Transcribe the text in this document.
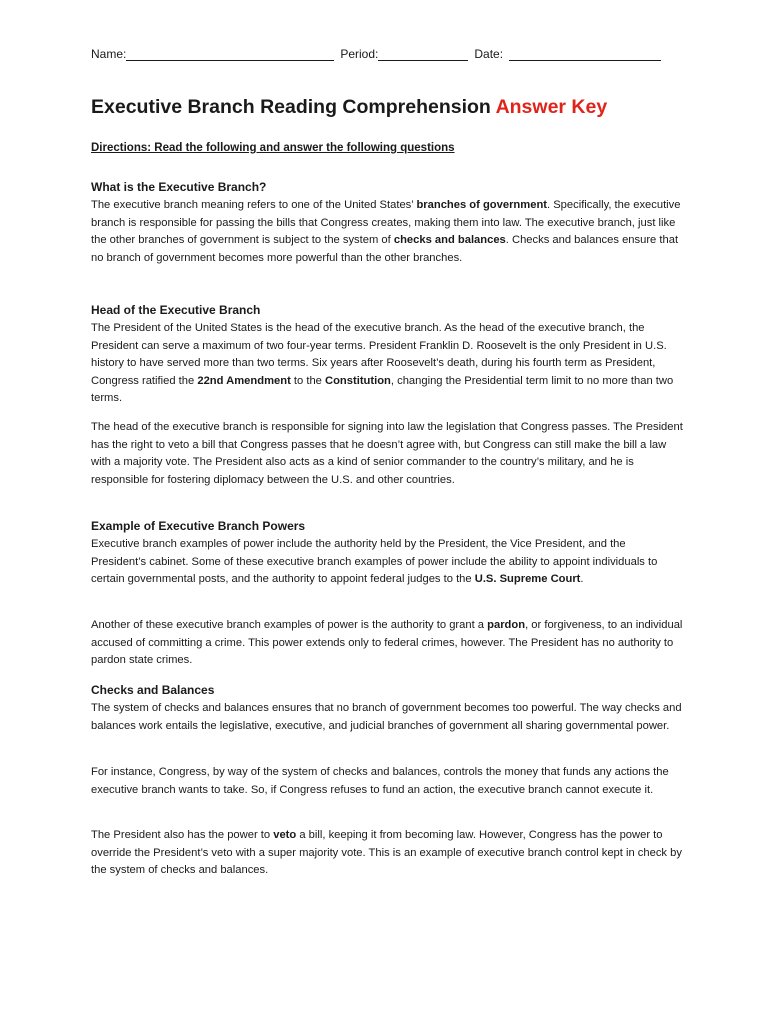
Name:	Period:	Date:
Executive Branch Reading Comprehension Answer Key

Directions: Read the following and answer the following questions

What is the Executive Branch?

The executive branch meaning refers to one of the United States’ branches of government. Specifically, the executive branch is responsible for passing the bills that Congress creates, making them into law. The executive branch, just like the other branches of government is subject to the system of checks and balances. Checks and balances ensure that no branch of government becomes more powerful than the other branches.

Head of the Executive Branch

The President of the United States is the head of the executive branch. As the head of the executive branch, the President can serve a maximum of two four-year terms. President Franklin D. Roosevelt is the only President in U.S. history to have served more than two terms. Six years after Roosevelt’s death, during his fourth term as President, Congress ratified the 22nd Amendment to the Constitution, changing the Presidential term limit to no more than two terms.

The head of the executive branch is responsible for signing into law the legislation that Congress passes. The President has the right to veto a bill that Congress passes that he doesn’t agree with, but Congress can still make the bill a law with a majority vote. The President also acts as a kind of senior commander to the country’s military, and he is responsible for fostering diplomacy between the U.S. and other countries.

Example of Executive Branch Powers

Executive branch examples of power include the authority held by the President, the Vice President, and the President’s cabinet. Some of these executive branch examples of power include the ability to appoint individuals to certain governmental posts, and the authority to appoint federal judges to the U.S. Supreme Court.

Another of these executive branch examples of power is the authority to grant a pardon, or forgiveness, to an individual accused of committing a crime. This power extends only to federal crimes, however. The President has no authority to pardon state crimes.

Checks and Balances

The system of checks and balances ensures that no branch of government becomes too powerful. The way checks and balances work entails the legislative, executive, and judicial branches of government all sharing governmental power.

For instance, Congress, by way of the system of checks and balances, controls the money that funds any actions the executive branch wants to take. So, if Congress refuses to fund an action, the executive branch cannot execute it.

The President also has the power to veto a bill, keeping it from becoming law. However, Congress has the power to override the President’s veto with a super majority vote. This is an example of executive branch control kept in check by the system of checks and balances.
